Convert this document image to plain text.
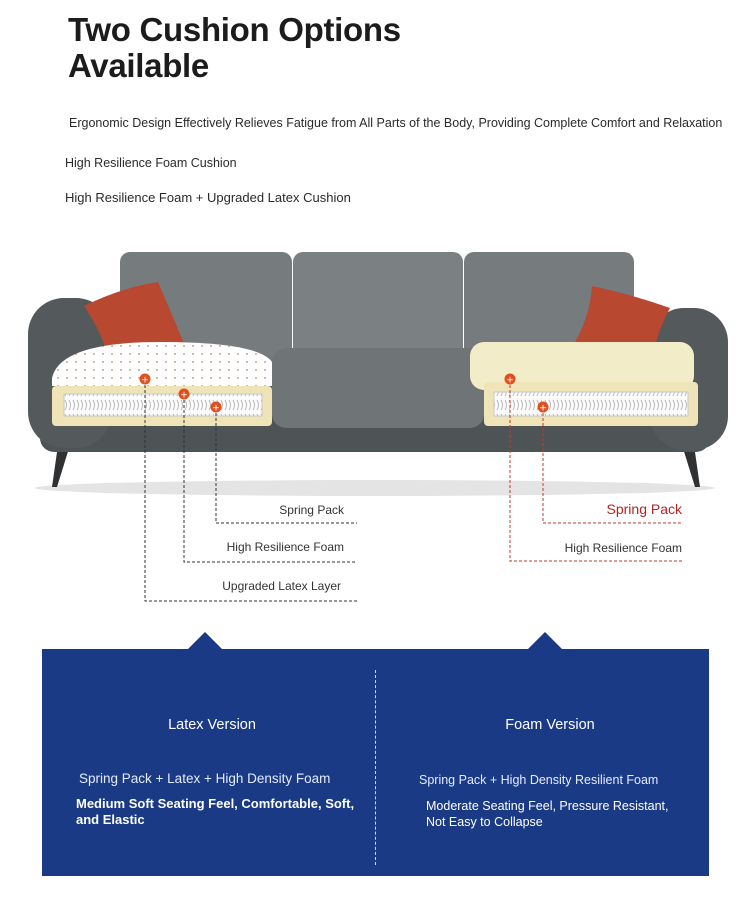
Two Cushion Options
Available
Ergonomic Design Effectively Relieves Fatigue from All Parts of the Body, Providing Complete Comfort and Relaxation
High Resilience Foam Cushion
High Resilience Foam + Upgraded Latex Cushion
+
+
+
+
+
Spring Pack
High Resilience Foam
Upgraded Latex Layer
Spring Pack
High Resilience Foam
Latex Version
Spring Pack + Latex + High Density Foam
Medium Soft Seating Feel, Comfortable, Soft, and Elastic
Foam Version
Spring Pack + High Density Resilient Foam
Moderate Seating Feel, Pressure Resistant, Not Easy to Collapse
